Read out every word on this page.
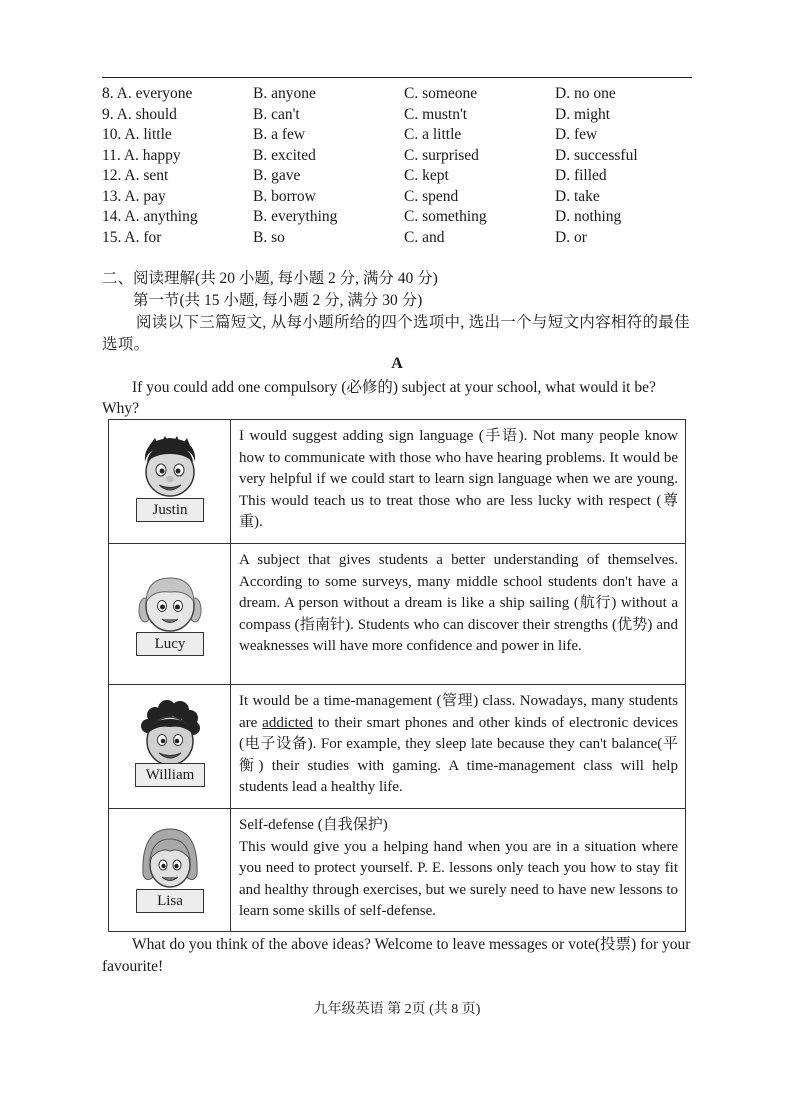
8. A. everyone	B. anyone	C. someone	D. no one
9. A. should	B. can't	C. mustn't	D. might
10. A. little	B. a few	C. a little	D. few
11. A. happy	B. excited	C. surprised	D. successful
12. A. sent	B. gave	C. kept	D. filled
13. A. pay	B. borrow	C. spend	D. take
14. A. anything	B. everything	C. something	D. nothing
15. A. for	B. so	C. and	D. or
二、阅读理解(共 20 小题, 每小题 2 分, 满分 40 分)
第一节(共 15 小题, 每小题 2 分, 满分 30 分)
阅读以下三篇短文, 从每小题所给的四个选项中, 选出一个与短文内容相符的最佳选项。
A
If you could add one compulsory (必修的) subject at your school, what would it be? Why?
Justin	I would suggest adding sign language (手语). Not many people know how to communicate with those who have hearing problems. It would be very helpful if we could start to learn sign language when we are young. This would teach us to treat those who are less lucky with respect (尊重).

Lucy	A subject that gives students a better understanding of themselves. According to some surveys, many middle school students don't have a dream. A person without a dream is like a ship sailing (航行) without a compass (指南针). Students who can discover their strengths (优势) and weaknesses will have more confidence and power in life.

William	It would be a time-management (管理) class. Nowadays, many students are addicted to their smart phones and other kinds of electronic devices (电子设备). For example, they sleep late because they can't balance(平衡) their studies with gaming. A time-management class will help students lead a healthy life.

Lisa	Self-defense (自我保护)
This would give you a helping hand when you are in a situation where you need to protect yourself. P. E. lessons only teach you how to stay fit and healthy through exercises, but we surely need to have new lessons to learn some skills of self-defense.
What do you think of the above ideas? Welcome to leave messages or vote(投票) for your favourite!
九年级英语 第 2页 (共 8 页)
